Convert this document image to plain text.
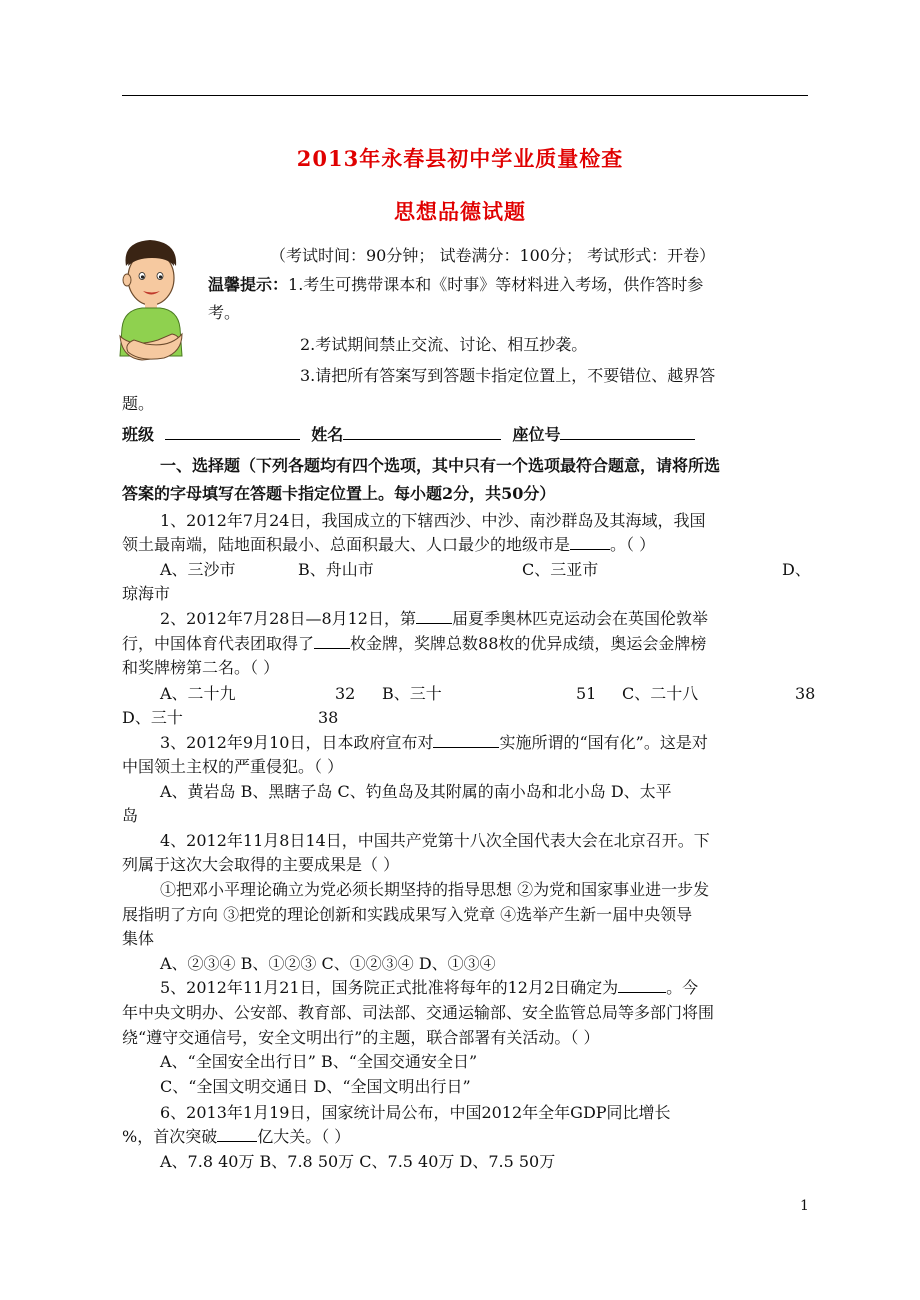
2013年永春县初中学业质量检查
思想品德试题
（考试时间：90分钟； 试卷满分：100分； 考试形式：开卷）
温馨提示：1.考生可携带课本和《时事》等材料进入考场，供作答时参
考。
2.考试期间禁止交流、讨论、相互抄袭。
3.请把所有答案写到答题卡指定位置上，不要错位、越界答
题。
班级	姓名	座位号
一、选择题（下列各题均有四个选项，其中只有一个选项最符合题意，请将所选
答案的字母填写在答题卡指定位置上。每小题2分，共50分）
1、2012年7月24日，我国成立的下辖西沙、中沙、南沙群岛及其海域，我国
领土最南端，陆地面积最小、总面积最大、人口最少的地级市是	。（ ）
A、三沙市	B、舟山市	C、三亚市	D、
琼海市
2、2012年7月28日—8月12日，第 届夏季奥林匹克运动会在英国伦敦举
行，中国体育代表团取得了 枚金牌，奖牌总数88枚的优异成绩，奥运会金牌榜
和奖牌榜第二名。（ ）
A、二十九	32 B、三十	51 C、二十八	38
D、三十	38
3、2012年9月10日，日本政府宣布对	实施所谓的“国有化”。这是对
中国领土主权的严重侵犯。（ ）
A、黄岩岛 B、黑瞎子岛 C、钓鱼岛及其附属的南小岛和北小岛 D、太平
岛
4、2012年11月8日14日，中国共产党第十八次全国代表大会在北京召开。下
列属于这次大会取得的主要成果是（ ）
①把邓小平理论确立为党必须长期坚持的指导思想 ②为党和国家事业进一步发
展指明了方向 ③把党的理论创新和实践成果写入党章 ④选举产生新一届中央领导
集体
A、②③④ B、①②③ C、①②③④ D、①③④
5、2012年11月21日，国务院正式批准将每年的12月2日确定为	。今
年中央文明办、公安部、教育部、司法部、交通运输部、安全监管总局等多部门将围
绕“遵守交通信号，安全文明出行”的主题，联合部署有关活动。（ ）
A、“全国安全出行日” B、“全国交通安全日”
C、“全国文明交通日 D、“全国文明出行日”
6、2013年1月19日，国家统计局公布，中国2012年全年GDP同比增长
%，首次突破	亿大关。（ ）
A、7.8 40万 B、7.8 50万 C、7.5 40万 D、7.5 50万
1
